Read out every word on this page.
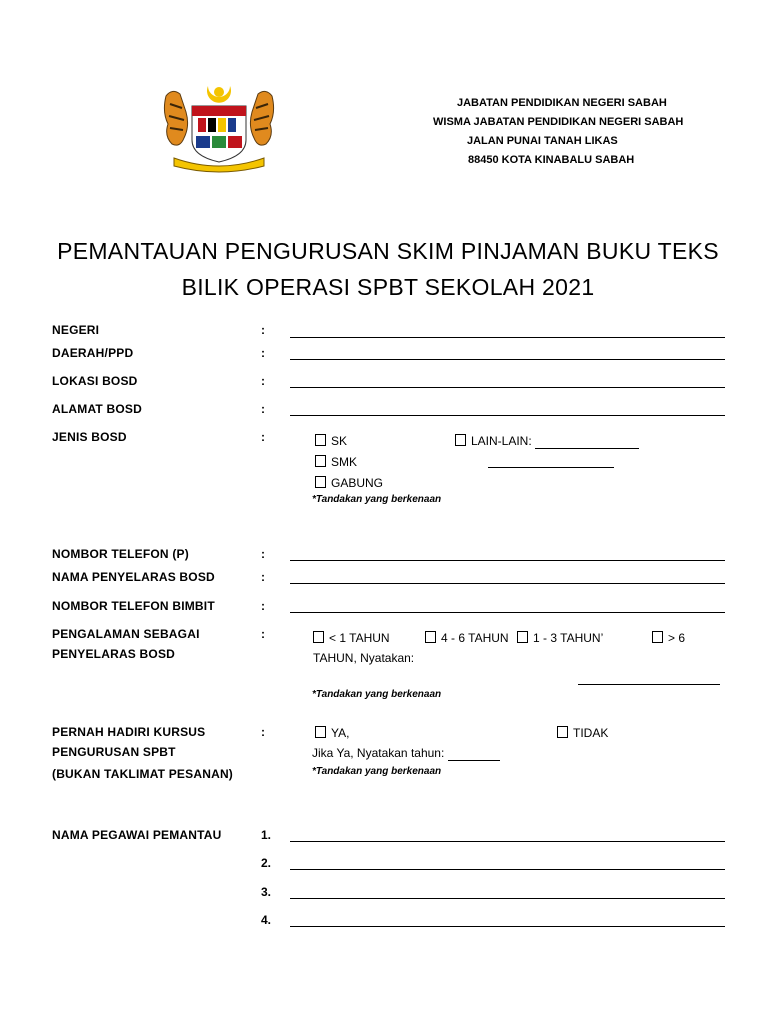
JABATAN PENDIDIKAN NEGERI SABAH
WISMA JABATAN PENDIDIKAN NEGERI SABAH
JALAN PUNAI TANAH LIKAS
88450 KOTA KINABALU SABAH
PEMANTAUAN PENGURUSAN SKIM PINJAMAN BUKU TEKS
BILIK OPERASI SPBT SEKOLAH 2021
NEGERI	:
DAERAH/PPD	:
LOKASI BOSD	:
ALAMAT BOSD	:
JENIS BOSD	:	SK	LAIN-LAIN:
SMK
GABUNG
*Tandakan yang berkenaan
NOMBOR TELEFON (P)	:
NAMA PENYELARAS BOSD	:
NOMBOR TELEFON BIMBIT	:
PENGALAMAN SEBAGAI
PENYELARAS BOSD
:	< 1 TAHUN	4 - 6 TAHUN	1 - 3 TAHUN’	> 6
TAHUN, Nyatakan:
*Tandakan yang berkenaan
PERNAH HADIRI KURSUS
PENGURUSAN SPBT
(BUKAN TAKLIMAT PESANAN)
:	YA,	TIDAK
Jika Ya, Nyatakan tahun:
*Tandakan yang berkenaan
NAMA PEGAWAI PEMANTAU	1.
2.
3.
4.
